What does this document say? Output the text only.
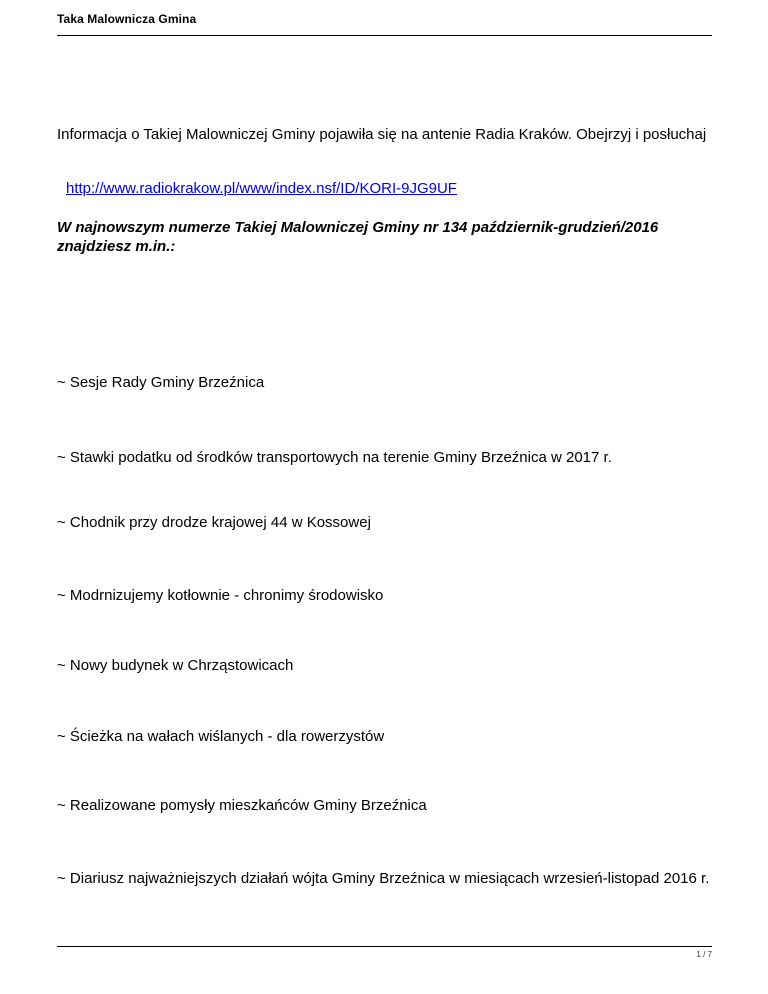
Taka Malownicza Gmina
Informacja o Takiej Malowniczej Gminy pojawiła się na antenie Radia Kraków. Obejrzyj i posłuchaj
http://www.radiokrakow.pl/www/index.nsf/ID/KORI-9JG9UF
W najnowszym numerze Takiej Malowniczej Gminy nr 134 październik-grudzień/2016 znajdziesz m.in.:
~ Sesje Rady Gminy Brzeźnica
~ Stawki podatku od środków transportowych na terenie Gminy Brzeźnica w 2017 r.
~ Chodnik przy drodze krajowej 44 w Kossowej
~ Modrnizujemy kotłownie - chronimy środowisko
~ Nowy budynek w Chrząstowicach
~ Ścieżka na wałach wiślanych - dla rowerzystów
~ Realizowane pomysły mieszkańców Gminy Brzeźnica
~ Diariusz najważniejszych działań wójta Gminy Brzeźnica w miesiącach wrzesień-listopad 2016 r.
1 / 7
